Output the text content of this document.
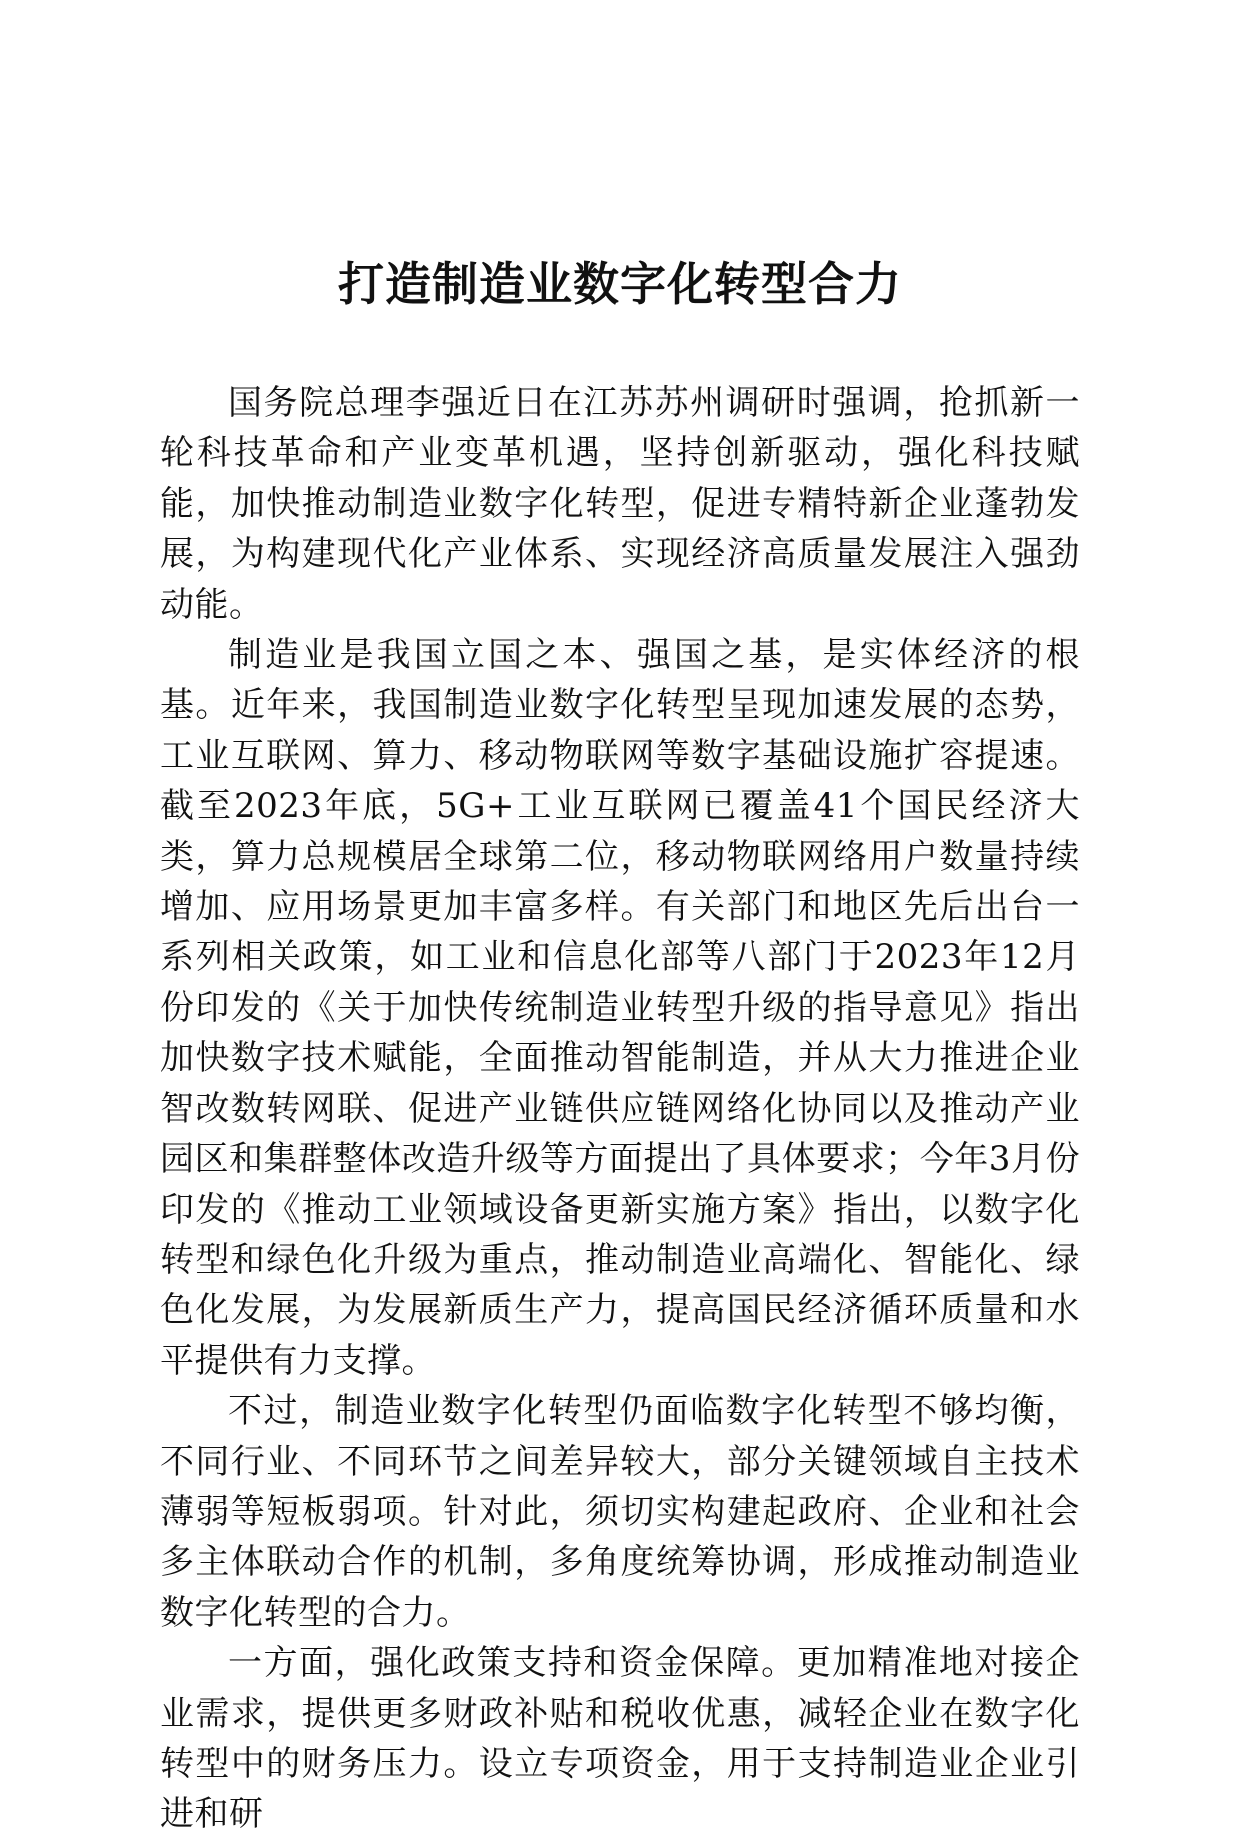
打造制造业数字化转型合力

国务院总理李强近日在江苏苏州调研时强调，抢抓新一轮科技革命和产业变革机遇，坚持创新驱动，强化科技赋能，加快推动制造业数字化转型，促进专精特新企业蓬勃发展，为构建现代化产业体系、实现经济高质量发展注入强劲动能。

制造业是我国立国之本、强国之基，是实体经济的根基。近年来，我国制造业数字化转型呈现加速发展的态势，工业互联网、算力、移动物联网等数字基础设施扩容提速。截至2023年底，5G+工业互联网已覆盖41个国民经济大类，算力总规模居全球第二位，移动物联网络用户数量持续增加、应用场景更加丰富多样。有关部门和地区先后出台一系列相关政策，如工业和信息化部等八部门于2023年12月份印发的《关于加快传统制造业转型升级的指导意见》指出加快数字技术赋能，全面推动智能制造，并从大力推进企业智改数转网联、促进产业链供应链网络化协同以及推动产业园区和集群整体改造升级等方面提出了具体要求；今年3月份印发的《推动工业领域设备更新实施方案》指出，以数字化转型和绿色化升级为重点，推动制造业高端化、智能化、绿色化发展，为发展新质生产力，提高国民经济循环质量和水平提供有力支撑。

不过，制造业数字化转型仍面临数字化转型不够均衡，不同行业、不同环节之间差异较大，部分关键领域自主技术薄弱等短板弱项。针对此，须切实构建起政府、企业和社会多主体联动合作的机制，多角度统筹协调，形成推动制造业数字化转型的合力。

一方面，强化政策支持和资金保障。更加精准地对接企业需求，提供更多财政补贴和税收优惠，减轻企业在数字化转型中的财务压力。设立专项资金，用于支持制造业企业引进和研
